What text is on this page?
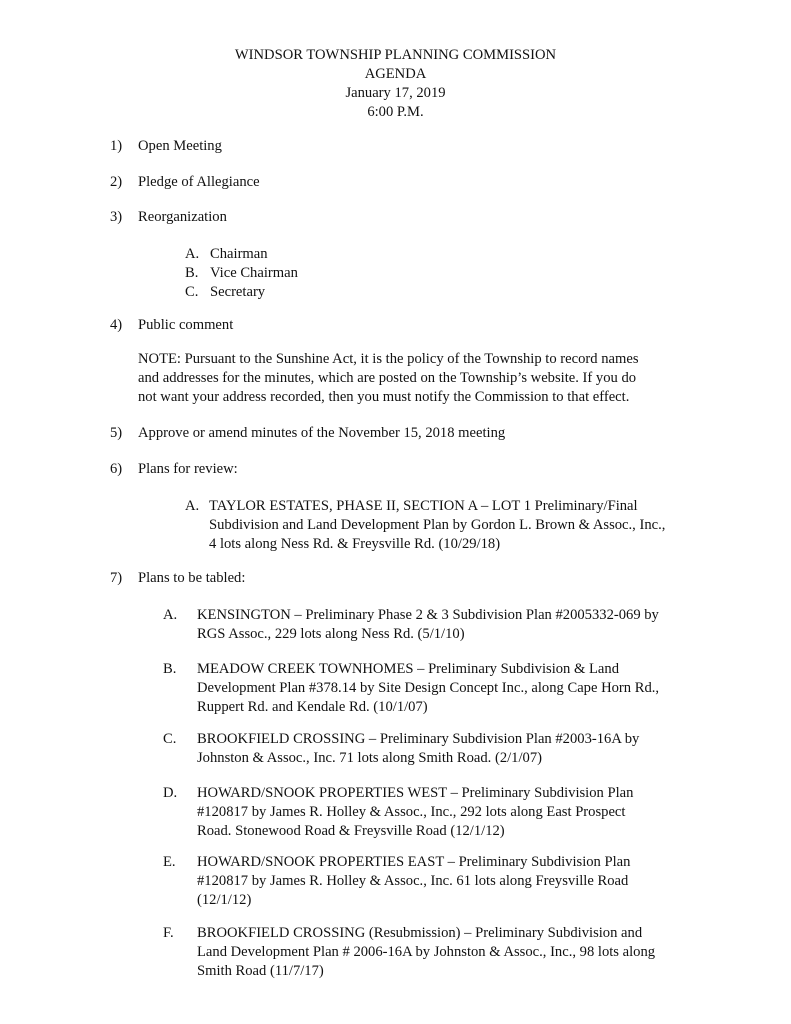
WINDSOR TOWNSHIP PLANNING COMMISSION
AGENDA
January 17, 2019
6:00 P.M.
1) Open Meeting
2) Pledge of Allegiance
3) Reorganization
A. Chairman
B. Vice Chairman
C. Secretary
4) Public comment
NOTE: Pursuant to the Sunshine Act, it is the policy of the Township to record names
and addresses for the minutes, which are posted on the Township’s website. If you do
not want your address recorded, then you must notify the Commission to that effect.
5) Approve or amend minutes of the November 15, 2018 meeting
6) Plans for review:
A. TAYLOR ESTATES, PHASE II, SECTION A – LOT 1 Preliminary/Final
Subdivision and Land Development Plan by Gordon L. Brown & Assoc., Inc.,
4 lots along Ness Rd. & Freysville Rd. (10/29/18)
7) Plans to be tabled:
A. KENSINGTON – Preliminary Phase 2 & 3 Subdivision Plan #2005332-069 by
RGS Assoc., 229 lots along Ness Rd. (5/1/10)
B. MEADOW CREEK TOWNHOMES – Preliminary Subdivision & Land
Development Plan #378.14 by Site Design Concept Inc., along Cape Horn Rd.,
Ruppert Rd. and Kendale Rd. (10/1/07)
C. BROOKFIELD CROSSING – Preliminary Subdivision Plan #2003-16A by
Johnston & Assoc., Inc. 71 lots along Smith Road. (2/1/07)
D. HOWARD/SNOOK PROPERTIES WEST – Preliminary Subdivision Plan
#120817 by James R. Holley & Assoc., Inc., 292 lots along East Prospect
Road. Stonewood Road & Freysville Road (12/1/12)
E. HOWARD/SNOOK PROPERTIES EAST – Preliminary Subdivision Plan
#120817 by James R. Holley & Assoc., Inc. 61 lots along Freysville Road
(12/1/12)
F. BROOKFIELD CROSSING (Resubmission) – Preliminary Subdivision and
Land Development Plan # 2006-16A by Johnston & Assoc., Inc., 98 lots along
Smith Road (11/7/17)
